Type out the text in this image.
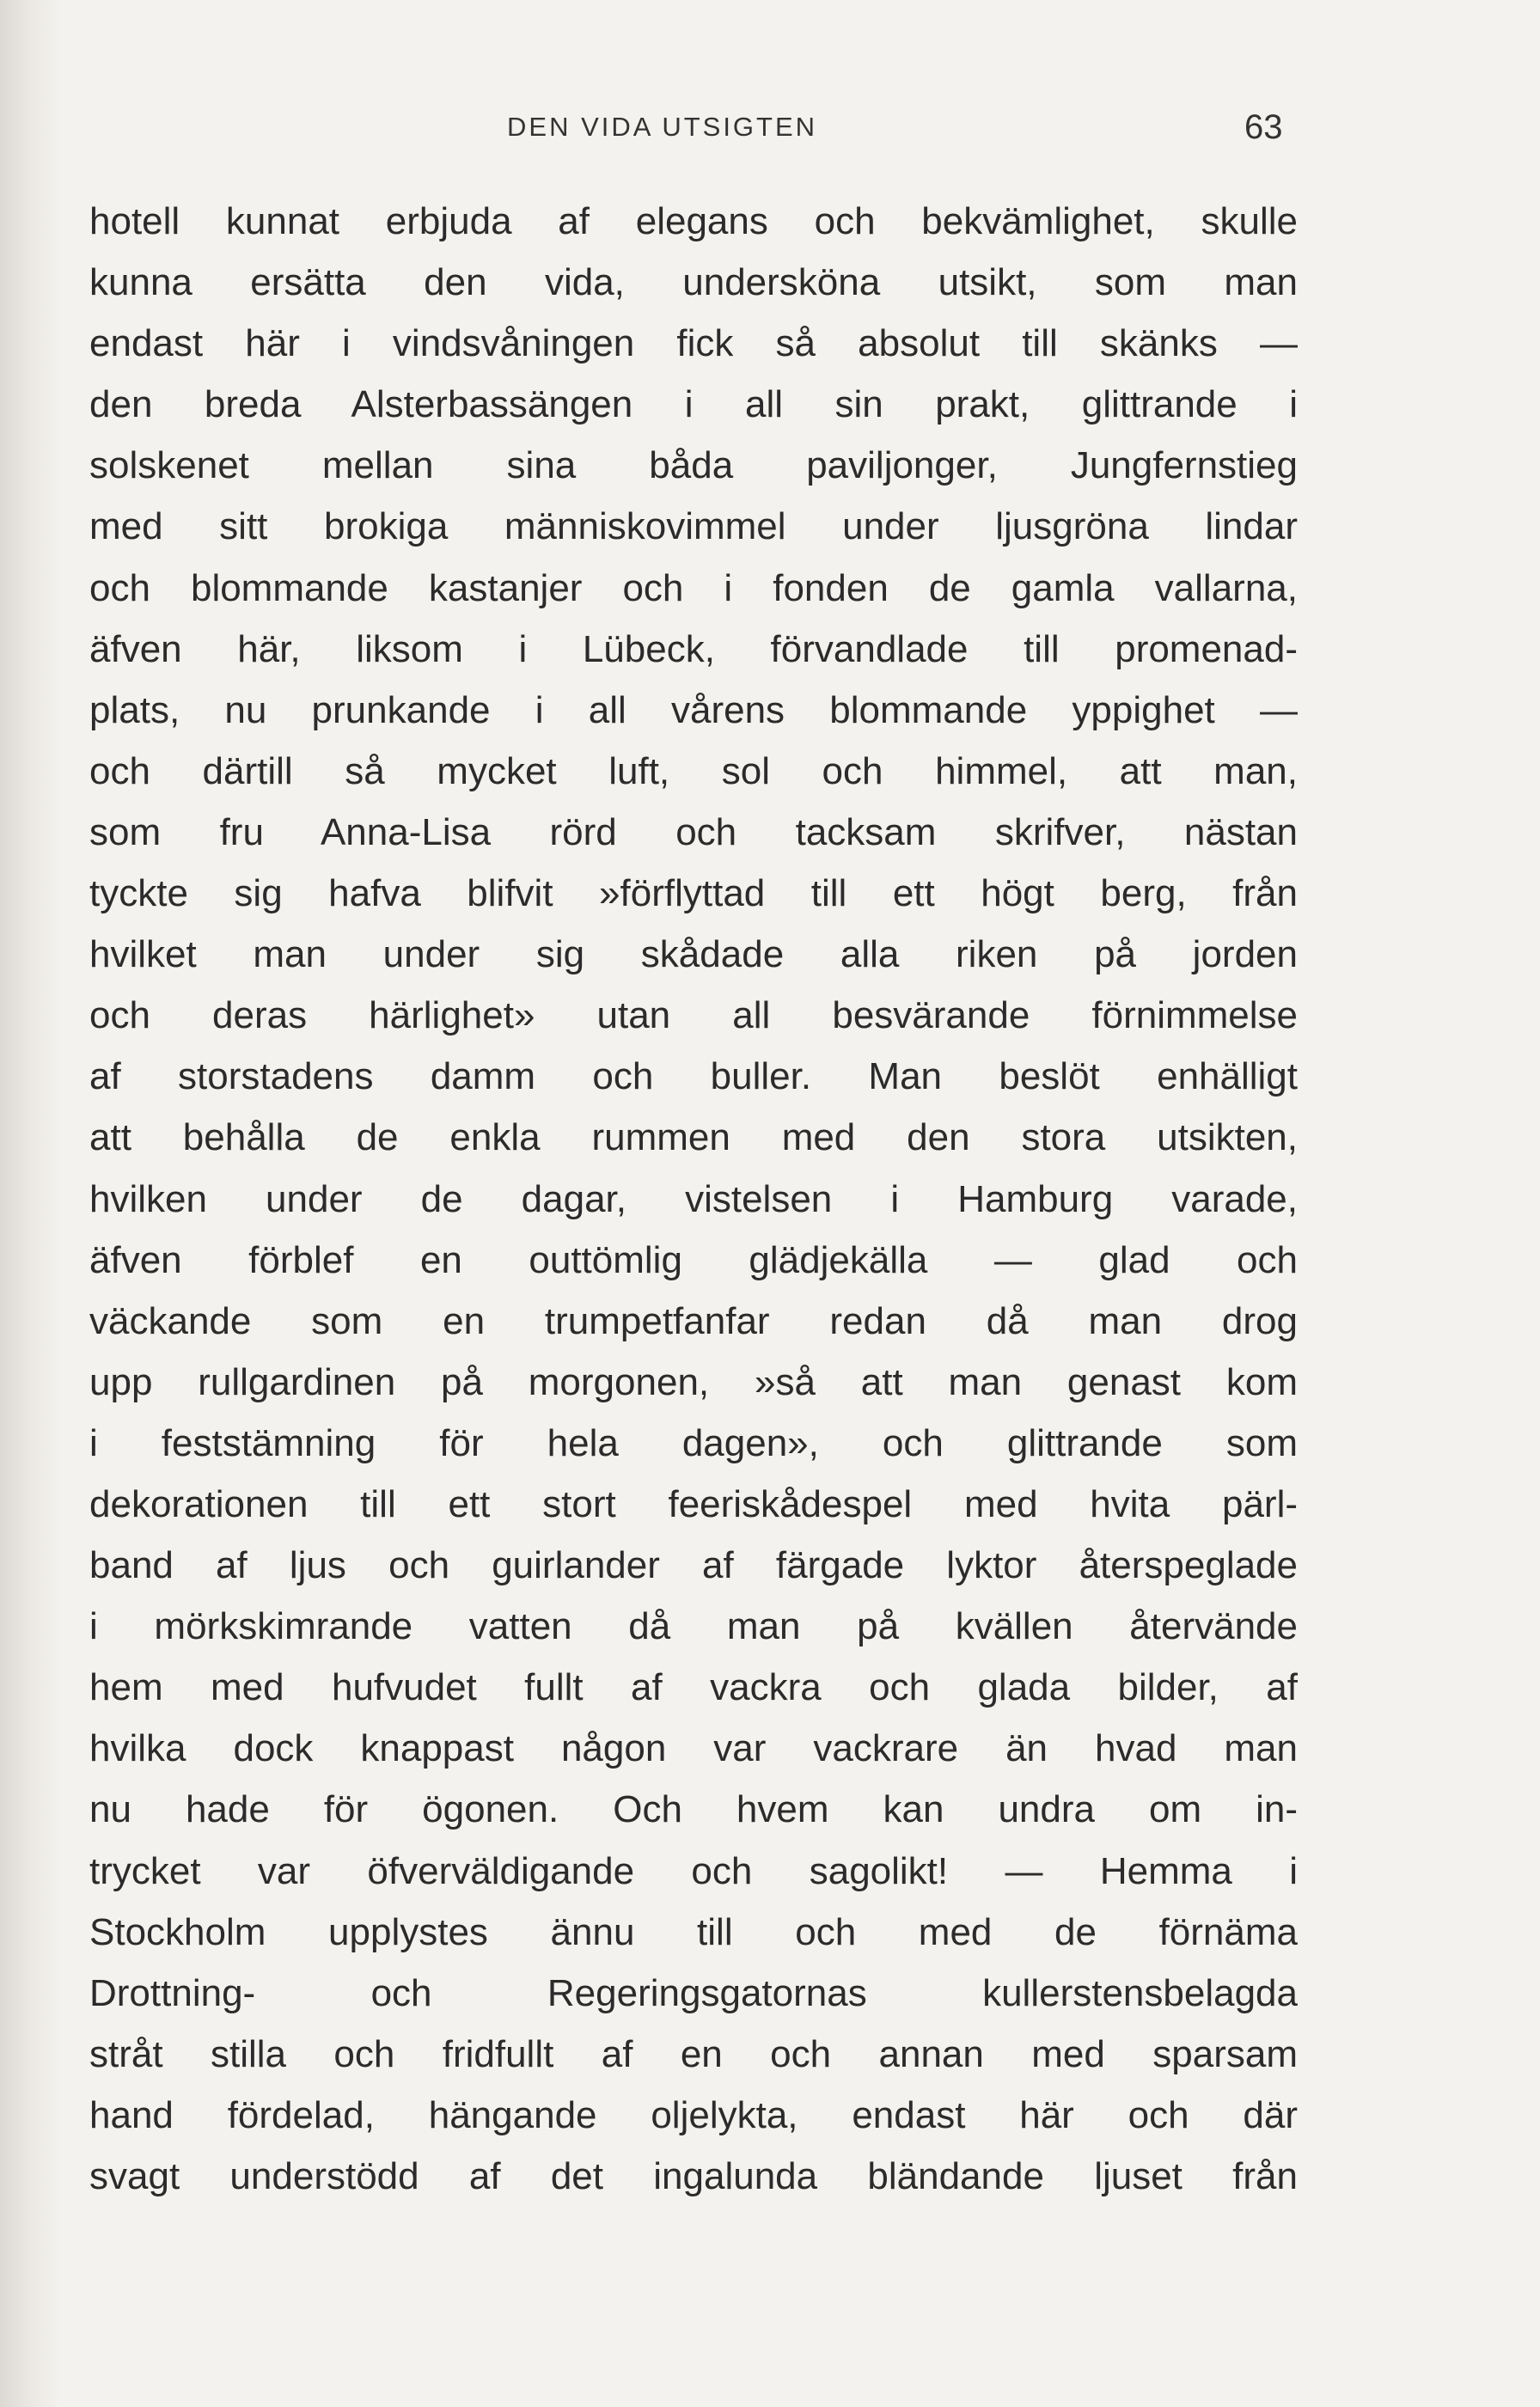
DEN VIDA UTSIGTEN	63
hotell kunnat erbjuda af elegans och bekvämlighet, skulle
kunna ersätta den vida, underskönа utsikt, som man
endast här i vindsvåningen fick så absolut till skänks —
den breda Alsterbassängen i all sin prakt, glittrande i
solskenet mellan sina båda paviljonger, Jungfernstieg
med sitt brokiga människovimmel under ljusgröna lindar
och blommande kastanjer och i fonden de gamla vallarna,
äfven här, liksom i Lübeck, förvandlade till promenad-
plats, nu prunkande i all vårens blommande yppighet —
och därtill så mycket luft, sol och himmel, att man,
som fru Anna-Lisa rörd och tacksam skrifver, nästan
tyckte sig hafva blifvit »förflyttad till ett högt berg, från
hvilket man under sig skådade alla riken på jorden
och deras härlighet» utan all besvärande förnimmelse
af storstadens damm och buller. Man beslöt enhälligt
att behålla de enkla rummen med den stora utsikten,
hvilken under de dagar, vistelsen i Hamburg varade,
äfven förblef en outtömlig glädjekälla — glad och
väckande som en trumpetfanfar redan då man drog
upp rullgardinen på morgonen, »så att man genast kom
i feststämning för hela dagen», och glittrande som
dekorationen till ett stort feeriskådespel med hvita pärl-
band af ljus och guirlander af färgade lyktor återspeglade
i mörkskimrande vatten då man på kvällen återvände
hem med hufvudet fullt af vackra och glada bilder, af
hvilka dock knappast någon var vackrare än hvad man
nu hade för ögonen. Och hvem kan undra om in-
trycket var öfverväldigande och sagolikt! — Hemma i
Stockholm upplystes ännu till och med de förnäma
Drottning- och Regeringsgatornas kullerstensbelagda
stråt stilla och fridfullt af en och annan med sparsam
hand fördelad, hängande oljelykta, endast här och där
svagt understödd af det ingalunda bländande ljuset från
